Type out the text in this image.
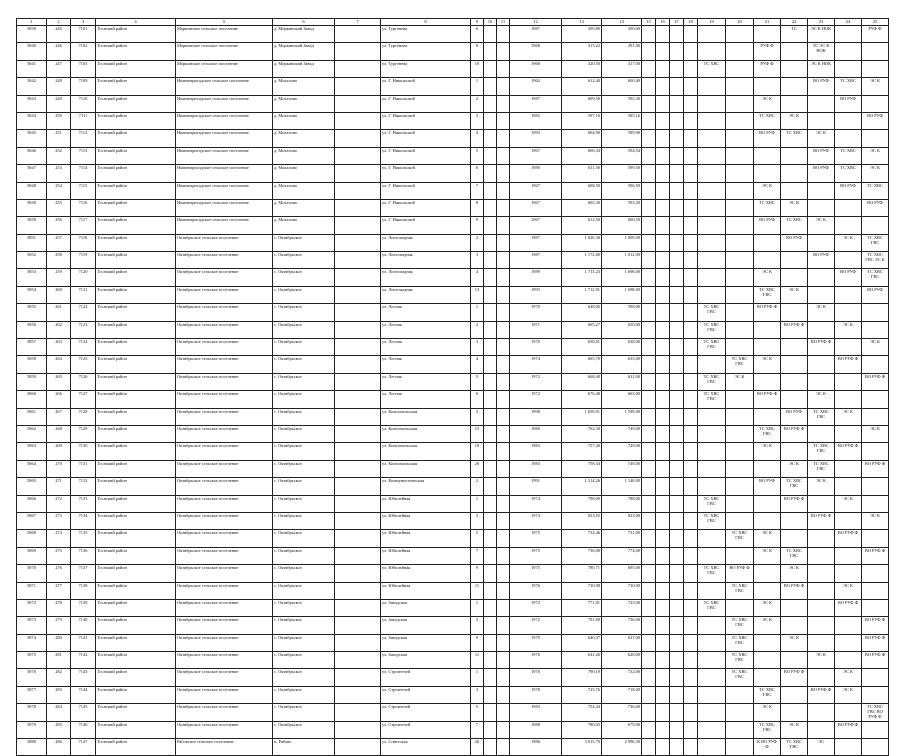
1	2	3	4	5	6	7	8	9	10	11	12	13	14	15	16	17	18	19	20	21	22	23	24	25
5839	245	7101	Тоснский район	Моркинское сельское поселение	д. Моркинский Завод		ул. Тургенева	6			1987	399,80	390,00								ТС	ЭС К НОК		РУФ Ф

5840	246	7102	Тоснский район	Моркинское сельское поселение	д. Моркинский Завод		ул. Тургенева	8			1968	315,22	291,00							РУФ Ф		ТС ЭС К НОК		

5841	247	7103	Тоснский район	Моркинское сельское поселение	д. Моркинский Завод		ул. Тургенева	10			1968	320,50	317,00					ТС ХВС		РУФ Ф		ЭС К НОК		

5842	248	7109	Тоснский район	Нижнеприсадское сельское поселение	д. Мохалово		ул. Г. Никольской	1			1962	612,40	600,40									ВО РУФ	ТС ХВС	ЭС К

5843	249	7110	Тоснский район	Нижнеприсадское сельское поселение	д. Мохалово		ул. Г. Никольской	2			1987	609,50	595,30							ЭС К			ВО РУФ	

5844	250	7111	Тоснский район	Нижнеприсадское сельское поселение	д. Мохалово		ул. Г. Никольской	3			1983	597,16	585,16							ТС ХВС	ЭС К			ВО РУФ

5845	251	7112	Тоснский район	Нижнеприсадское сельское поселение	д. Мохалово		ул. Г. Никольской	4			1993	604,90	589,90							ВО РУФ	ТС ХВС	ЭС К		

5846	252	7113	Тоснский район	Нижнеприсадское сельское поселение	д. Мохалово		ул. Г. Никольской	5			1967	606,34	594,54									ВО РУФ	ТС ХВС	ЭС К

5847	253	7114	Тоснский район	Нижнеприсадское сельское поселение	д. Мохалово		ул. Г. Никольской	6			1980	611,50	599,50									ВО РУФ	ТС ХВС	ЭС К

5848	254	7115	Тоснский район	Нижнеприсадское сельское поселение	д. Мохалово		ул. Г. Никольской	7			1967	608,50	596,50							ЭС К			ВО РУФ	ТС ХВС

5849	255	7116	Тоснский район	Нижнеприсадское сельское поселение	д. Мохалово		ул. Г. Никольской	8			1967	605,30	593,30							ТС ХВС	ЭС К			ВО РУФ

5850	256	7117	Тоснский район	Нижнеприсадское сельское поселение	д. Мохалово		ул. Г. Никольской	9			1967	612,50	600,50							ВО РУФ	ТС ХВС	ЭС К		

5851	257	7118	Тоснский район	Октябрьское сельское поселение	с. Октябрьское		ул. Листопадная	2			1987	1 020,38	1 009,00								ВО РУФ		ЭС К	ТС ХВС ГВС

5852	258	7119	Тоснский район	Октябрьское сельское поселение	с. Октябрьское		ул. Листопадная	3			1987	1 172,60	1 012,00									ВО РУФ		ТС ХВС ГВС ЭС К

5853	259	7120	Тоснский район	Октябрьское сельское поселение	с. Октябрьское		ул. Листопадная	4			1989	1 713,23	1 698,00							ЭС К			ВО РУФ	ТС ХВС ГВС

5854	260	7121	Тоснский район	Октябрьское сельское поселение	с. Октябрьское		ул. Листопадная	13			1993	1 712,91	1 698,00							ТС ХВС ГВС	ЭС К			ВО РУФ

5855	261	7122	Тоснский район	Октябрьское сельское поселение	с. Октябрьское		ул. Лесная	1			1970	648,05	598,00					ТС ХВС ГВС		ВО РУФ Ф		ЭС К		

5856	262	7123	Тоснский район	Октябрьское сельское поселение	с. Октябрьское		ул. Лесная	2			1971	665,27	650,00					ТС ХВС ГВС			ВО РУФ Ф		ЭС К	

5857	263	7124	Тоснский район	Октябрьское сельское поселение	с. Октябрьское		ул. Лесная	3			1970	650,01	638,00					ТС ХВС ГВС				ВО РУФ Ф		ЭС К

5858	264	7125	Тоснский район	Октябрьское сельское поселение	с. Октябрьское		ул. Лесная	4			1974	665,70	635,00						ТС ХВС ГВС	ЭС К			ВО РУФ Ф	

5859	265	7126	Тоснский район	Октябрьское сельское поселение	с. Октябрьское		ул. Лесная	5			1972	668,40	631,00					ТС ХВС ГВС	ЭС К					ВО РУФ Ф

5860	266	7127	Тоснский район	Октябрьское сельское поселение	с. Октябрьское		ул. Лесная	6			1972	676,48	663,00					ТС ХВС ГВС		ВО РУФ Ф		ЭС К		

5861	267	7128	Тоснский район	Октябрьское сельское поселение	с. Октябрьское		ул. Комсомольская	3			1998	1 659,01	1 599,00								ВО РУФ	ТС ХВС ГВС	ЭС К	

5862	268	7129	Тоснский район	Октябрьское сельское поселение	с. Октябрьское		ул. Комсомольская	15			1980	762,30	749,00							ТС ХВС ГВС	ВО РУФ Ф			ЭС К

5863	269	7130	Тоснский район	Октябрьское сельское поселение	с. Октябрьское		ул. Комсомольская	18			1983	757,40	749,00							ЭС К		ТС ХВС ГВС	ВО РУФ Ф	

5864	270	7131	Тоснский район	Октябрьское сельское поселение	с. Октябрьское		ул. Комсомольская	20			1983	758,34	748,00								ЭС К	ТС ХВС ГВС		ВО РУФ Ф

5865	271	7132	Тоснский район	Октябрьское сельское поселение	с. Октябрьское		ул. Коммунистическая	2			1991	1 214,26	1 140,00							ВО РУФ	ТС ХВС ГВС	ЭС К		

5866	272	7133	Тоснский район	Октябрьское сельское поселение	с. Октябрьское		ул. Юбилейная	1			1974	798,09	788,00					ТС ХВС ГВС			ВО РУФ Ф		ЭС К	

5867	273	7134	Тоснский район	Октябрьское сельское поселение	с. Октябрьское		ул. Юбилейная	3			1974	833,55	823,00					ТС ХВС ГВС				ВО РУФ Ф		ЭС К

5868	274	7135	Тоснский район	Октябрьское сельское поселение	с. Октябрьское		ул. Юбилейная	5			1975	734,46	731,00						ТС ХВС ГВС	ЭС К			ВО РУФ Ф	

5869	275	7136	Тоснский район	Октябрьское сельское поселение	с. Октябрьское		ул. Юбилейная	7			1975	736,00	774,00							ЭС К	ТС ХВС ГВС			ВО РУФ Ф

5870	276	7137	Тоснский район	Октябрьское сельское поселение	с. Октябрьское		ул. Юбилейная	9			1975	780,71	695,00					ТС ХВС ГВС	ВО РУФ Ф		ЭС К			

5871	277	7138	Тоснский район	Октябрьское сельское поселение	с. Октябрьское		ул. Юбилейная	11			1976	730,98	730,00						ТС ХВС ГВС		ВО РУФ Ф		ЭС К	

5872	278	7139	Тоснский район	Октябрьское сельское поселение	с. Октябрьское		ул. Заводская	1			1972	771,01	725,00					ТС ХВС ГВС		ЭС К			ВО РУФ Ф	

5873	279	7140	Тоснский район	Октябрьское сельское поселение	с. Октябрьское		ул. Заводская	3			1972	791,00	736,00						ТС ХВС ГВС	ЭС К				ВО РУФ Ф

5874	280	7141	Тоснский район	Октябрьское сельское поселение	с. Октябрьское		ул. Заводская	9			1979	640,37	627,00						ТС ХВС ГВС		ЭС К			ВО РУФ Ф

5875	281	7142	Тоснский район	Октябрьское сельское поселение	с. Октябрьское		ул. Заводская	11			1970	641,26	628,00						ТС ХВС ГВС			ЭС К		ВО РУФ Ф

5876	282	7143	Тоснский район	Октябрьское сельское поселение	с. Октябрьское		ул. Строителей	1			1976	790,19	732,00						ТС ХВС ГВС		ВО РУФ Ф		ЭС К	

5877	283	7144	Тоснский район	Октябрьское сельское поселение	с. Октябрьское		ул. Строителей	3			1978	725,76	718,00							ТС ХВС ГВС		ВО РУФ Ф	ЭС К	

5878	284	7145	Тоснский район	Октябрьское сельское поселение	с. Октябрьское		ул. Строителей	5			1983	754,34	736,00							ЭС К				ТС ХВС ГВС ВО РУФ Ф

5879	285	7146	Тоснский район	Октябрьское сельское поселение	с. Октябрьское		ул. Строителей	7			1988	780,05	679,00							ТС ХВС ГВС	ЭС К		ВО РУФ Ф	

5880	286	7147	Тоснский район	Рябовское сельское поселение	п. Рябово		ул. Советская	20			1986	3 015,70	2 996,30							К ВО РУФ Ф	ТС ХВС ГВС	ЭС		
